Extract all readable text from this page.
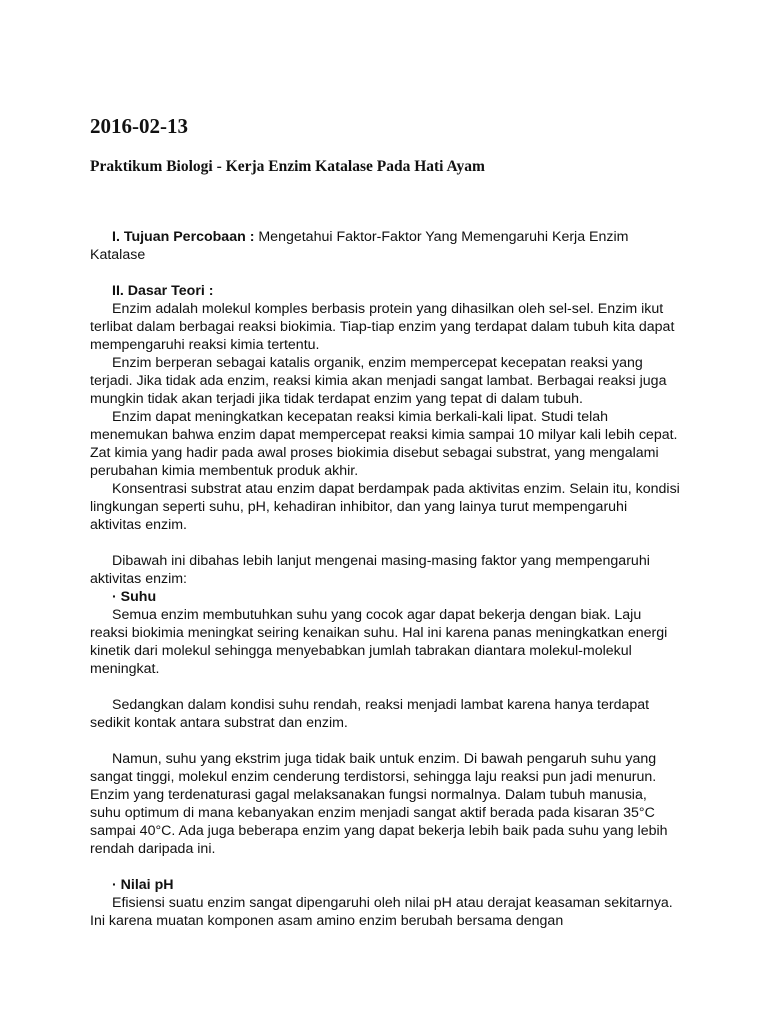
2016-02-13
Praktikum Biologi - Kerja Enzim Katalase Pada Hati Ayam

I. Tujuan Percobaan : Mengetahui Faktor-Faktor Yang Memengaruhi Kerja Enzim Katalase

II. Dasar Teori :

Enzim adalah molekul komples berbasis protein yang dihasilkan oleh sel-sel. Enzim ikut terlibat dalam berbagai reaksi biokimia. Tiap-tiap enzim yang terdapat dalam tubuh kita dapat mempengaruhi reaksi kimia tertentu.

Enzim berperan sebagai katalis organik, enzim mempercepat kecepatan reaksi yang terjadi. Jika tidak ada enzim, reaksi kimia akan menjadi sangat lambat. Berbagai reaksi juga mungkin tidak akan terjadi jika tidak terdapat enzim yang tepat di dalam tubuh.

Enzim dapat meningkatkan kecepatan reaksi kimia berkali-kali lipat. Studi telah menemukan bahwa enzim dapat mempercepat reaksi kimia sampai 10 milyar kali lebih cepat. Zat kimia yang hadir pada awal proses biokimia disebut sebagai substrat, yang mengalami perubahan kimia membentuk produk akhir.

Konsentrasi substrat atau enzim dapat berdampak pada aktivitas enzim. Selain itu, kondisi lingkungan seperti suhu, pH, kehadiran inhibitor, dan yang lainya turut mempengaruhi aktivitas enzim.

Dibawah ini dibahas lebih lanjut mengenai masing-masing faktor yang mempengaruhi aktivitas enzim:

· Suhu

Semua enzim membutuhkan suhu yang cocok agar dapat bekerja dengan biak. Laju reaksi biokimia meningkat seiring kenaikan suhu. Hal ini karena panas meningkatkan energi kinetik dari molekul sehingga menyebabkan jumlah tabrakan diantara molekul-molekul meningkat.

Sedangkan dalam kondisi suhu rendah, reaksi menjadi lambat karena hanya terdapat sedikit kontak antara substrat dan enzim.

Namun, suhu yang ekstrim juga tidak baik untuk enzim. Di bawah pengaruh suhu yang sangat tinggi, molekul enzim cenderung terdistorsi, sehingga laju reaksi pun jadi menurun. Enzim yang terdenaturasi gagal melaksanakan fungsi normalnya. Dalam tubuh manusia, suhu optimum di mana kebanyakan enzim menjadi sangat aktif berada pada kisaran 35°C sampai 40°C. Ada juga beberapa enzim yang dapat bekerja lebih baik pada suhu yang lebih rendah daripada ini.

· Nilai pH

Efisiensi suatu enzim sangat dipengaruhi oleh nilai pH atau derajat keasaman sekitarnya. Ini karena muatan komponen asam amino enzim berubah bersama dengan
